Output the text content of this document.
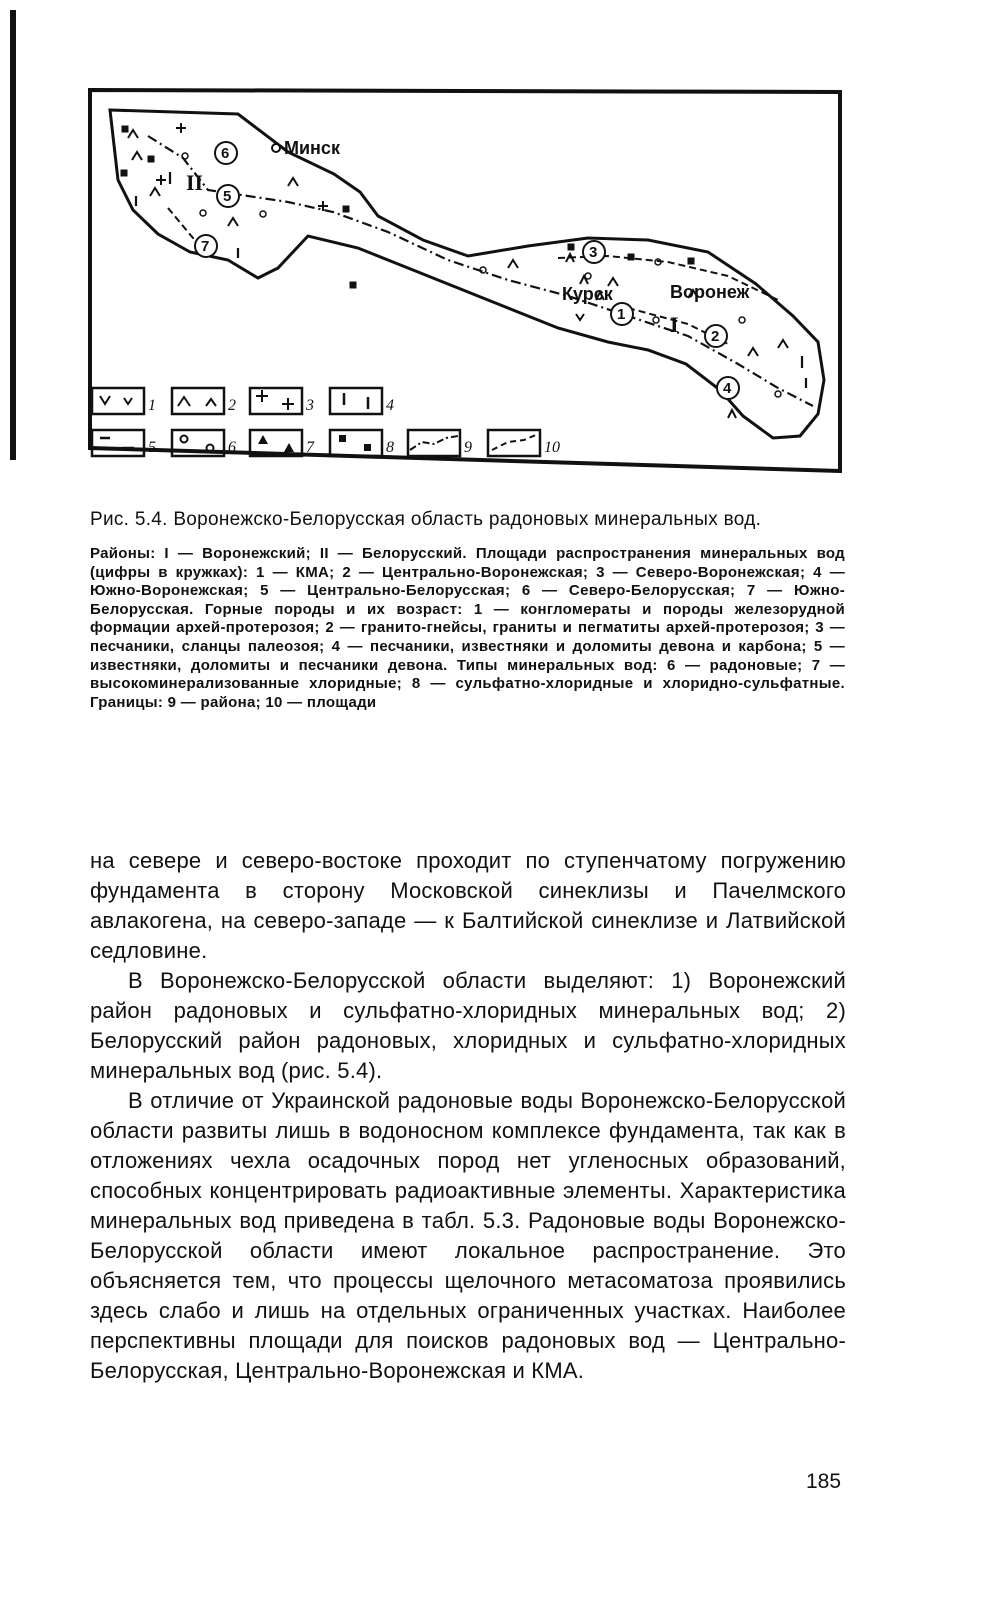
6
5
7	3
1
2
4
Минск
Курск	Воронеж
II
I
1	2	3	4
5	6	7	8	9	10

Рис. 5.4. Воронежско-Белорусская область радоновых минеральных вод.

Районы: I — Воронежский; II — Белорусский. Площади распространения минеральных вод (цифры в кружках): 1 — КМА; 2 — Центрально-Воронежская; 3 — Северо-Воронежская; 4 — Южно-Воронежская; 5 — Центрально-Белорусская; 6 — Северо-Белорусская; 7 — Южно-Белорусская. Горные породы и их возраст: 1 — конгломераты и породы железорудной формации архей-протерозоя; 2 — гранито-гнейсы, граниты и пегматиты архей-протерозоя; 3 — песчаники, сланцы палеозоя; 4 — песчаники, известняки и доломиты девона и карбона; 5 — известняки, доломиты и песчаники девона. Типы минеральных вод: 6 — радоновые; 7 — высокоминерализованные хлоридные; 8 — сульфатно-хлоридные и хлоридно-сульфатные. Границы: 9 — района; 10 — площади

на севере и северо-востоке проходит по ступенчатому погружению фундамента в сторону Московской синеклизы и Пачелмского авлакогена, на северо-западе — к Балтийской синеклизе и Латвийской седловине.

В Воронежско-Белорусской области выделяют: 1) Воронежский район радоновых и сульфатно-хлоридных минеральных вод; 2) Белорусский район радоновых, хлоридных и сульфатно-хлоридных минеральных вод (рис. 5.4).

В отличие от Украинской радоновые воды Воронежско-Белорусской области развиты лишь в водоносном комплексе фундамента, так как в отложениях чехла осадочных пород нет угленосных образований, способных концентрировать радиоактивные элементы. Характеристика минеральных вод приведена в табл. 5.3. Радоновые воды Воронежско-Белорусской области имеют локальное распространение. Это объясняется тем, что процессы щелочного метасоматоза проявились здесь слабо и лишь на отдельных ограниченных участках. Наиболее перспективны площади для поисков радоновых вод — Центрально-Белорусская, Центрально-Воронежская и КМА.

185
